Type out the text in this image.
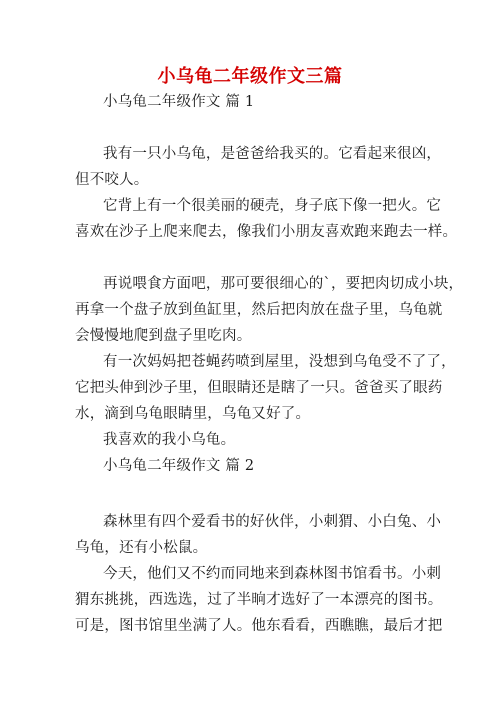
小乌龟二年级作文三篇
小乌龟二年级作文 篇 1
我有一只小乌龟，是爸爸给我买的。它看起来很凶，
但不咬人。
它背上有一个很美丽的硬壳，身子底下像一把火。它
喜欢在沙子上爬来爬去，像我们小朋友喜欢跑来跑去一样。
再说喂食方面吧，那可要很细心的`，要把肉切成小块，
再拿一个盘子放到鱼缸里，然后把肉放在盘子里，乌龟就
会慢慢地爬到盘子里吃肉。
有一次妈妈把苍蝇药喷到屋里，没想到乌龟受不了了，
它把头伸到沙子里，但眼睛还是瞎了一只。爸爸买了眼药
水，滴到乌龟眼睛里，乌龟又好了。
我喜欢的我小乌龟。
小乌龟二年级作文 篇 2
森林里有四个爱看书的好伙伴，小刺猬、小白兔、小
乌龟，还有小松鼠。
今天，他们又不约而同地来到森林图书馆看书。小刺
猬东挑挑，西选选，过了半晌才选好了一本漂亮的图书。
可是，图书馆里坐满了人。他东看看，西瞧瞧，最后才把
